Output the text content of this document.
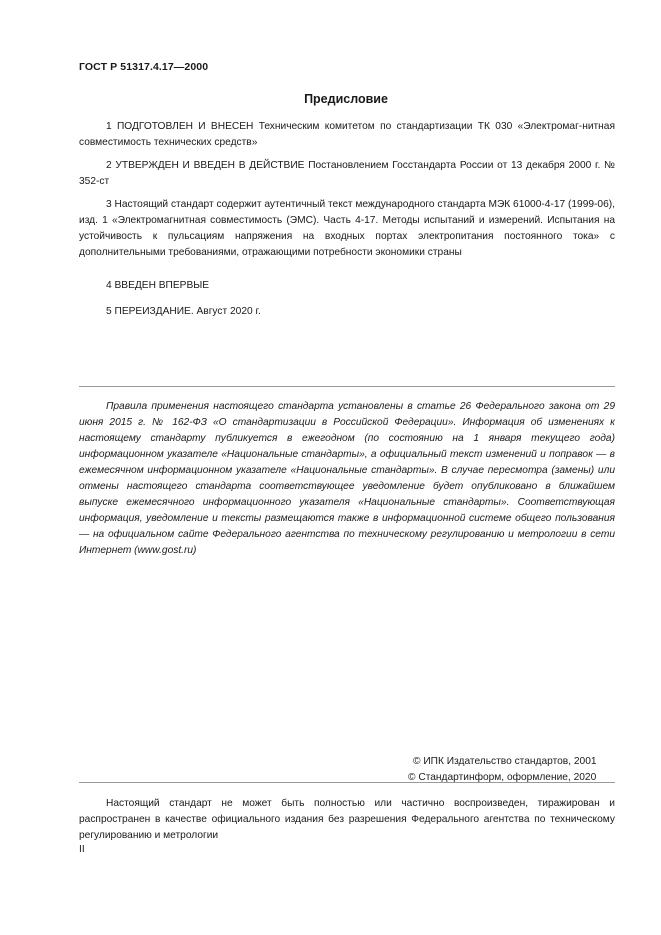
ГОСТ Р 51317.4.17—2000
Предисловие

1 ПОДГОТОВЛЕН И ВНЕСЕН Техническим комитетом по стандартизации ТК 030 «Электромаг-нитная совместимость технических средств»

2 УТВЕРЖДЕН И ВВЕДЕН В ДЕЙСТВИЕ Постановлением Госстандарта России от 13 декабря 2000 г. № 352-ст

3 Настоящий стандарт содержит аутентичный текст международного стандарта МЭК 61000-4-17 (1999-06), изд. 1 «Электромагнитная совместимость (ЭМС). Часть 4-17. Методы испытаний и измерений. Испытания на устойчивость к пульсациям напряжения на входных портах электропитания постоянного тока» с дополнительными требованиями, отражающими потребности экономики страны

4 ВВЕДЕН ВПЕРВЫЕ

5 ПЕРЕИЗДАНИЕ. Август 2020 г.

Правила применения настоящего стандарта установлены в статье 26 Федерального закона от 29 июня 2015 г. № 162-ФЗ «О стандартизации в Российской Федерации». Информация об изменениях к настоящему стандарту публикуется в ежегодном (по состоянию на 1 января текущего года) информационном указателе «Национальные стандарты», а официальный текст изменений и поправок — в ежемесячном информационном указателе «Национальные стандарты». В случае пересмотра (замены) или отмены настоящего стандарта соответствующее уведомление будет опубликовано в ближайшем выпуске ежемесячного информационного указателя «Национальные стандарты». Соответствующая информация, уведомление и тексты размещаются также в информационной системе общего пользования — на официальном сайте Федерального агентства по техническому регулированию и метрологии в сети Интернет (www.gost.ru)

© ИПК Издательство стандартов, 2001
© Стандартинформ, оформление, 2020

Настоящий стандарт не может быть полностью или частично воспроизведен, тиражирован и распространен в качестве официального издания без разрешения Федерального агентства по техническому регулированию и метрологии

II
